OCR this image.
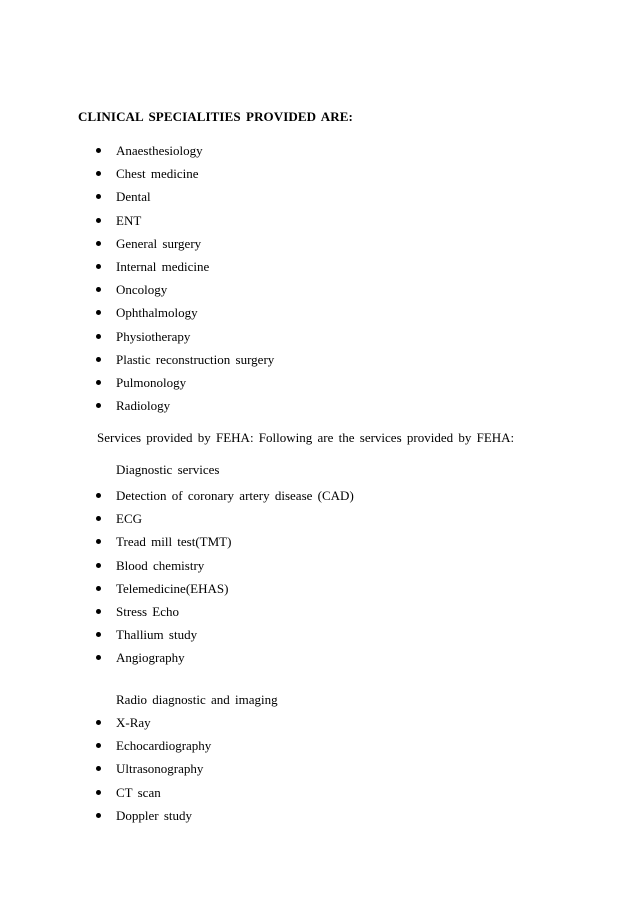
CLINICAL SPECIALITIES PROVIDED ARE:
Anaesthesiology
Chest medicine
Dental
ENT
General surgery
Internal medicine
Oncology
Ophthalmology
Physiotherapy
Plastic reconstruction surgery
Pulmonology
Radiology
Services provided by FEHA: Following are the services provided by FEHA:
Diagnostic services
Detection of coronary artery disease (CAD)
ECG
Tread mill test(TMT)
Blood chemistry
Telemedicine(EHAS)
Stress Echo
Thallium study
Angiography
Radio diagnostic and imaging
X-Ray
Echocardiography
Ultrasonography
CT scan
Doppler study
